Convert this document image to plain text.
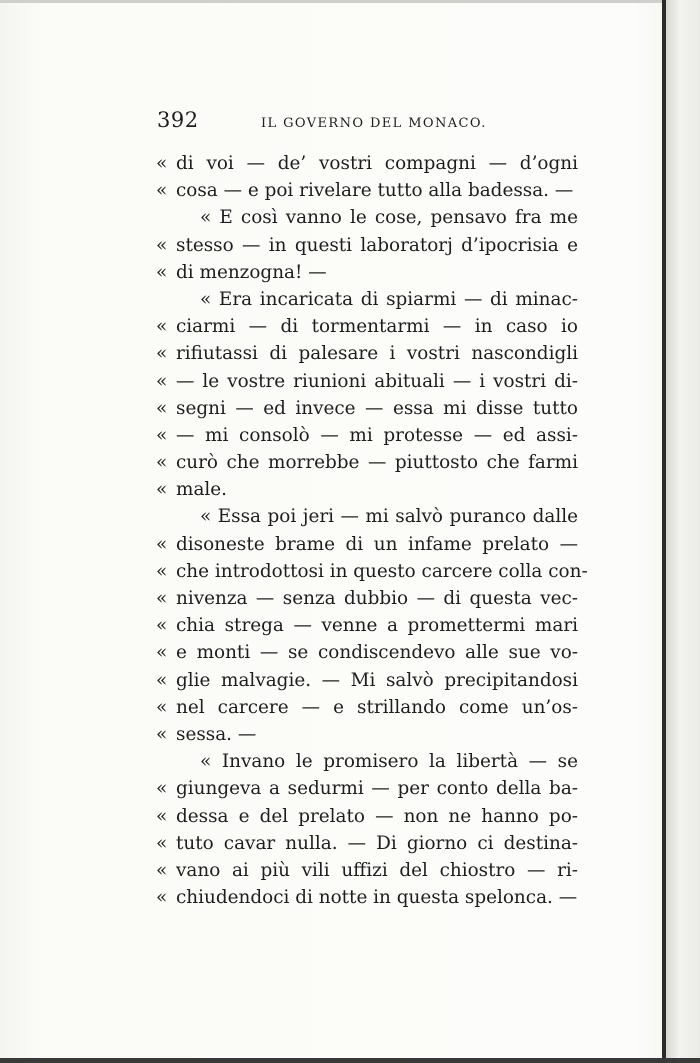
392	IL GOVERNO DEL MONACO.
« di voi — de’ vostri compagni — d’ogni
« cosa — e poi rivelare tutto alla badessa. —
« E così vanno le cose, pensavo fra me
« stesso — in questi laboratorj d’ipocrisia e
« di menzogna! —
« Era incaricata di spiarmi — di minac-
« ciarmi — di tormentarmi — in caso io
« rifiutassi di palesare i vostri nascondigli
« — le vostre riunioni abituali — i vostri di-
« segni — ed invece — essa mi disse tutto
« — mi consolò — mi protesse — ed assi-
« curò che morrebbe — piuttosto che farmi
« male.
« Essa poi jeri — mi salvò puranco dalle
« disoneste brame di un infame prelato —
« che introdottosi in questo carcere colla con-
« nivenza — senza dubbio — di questa vec-
« chia strega — venne a promettermi mari
« e monti — se condiscendevo alle sue vo-
« glie malvagie. — Mi salvò precipitandosi
« nel carcere — e strillando come un’os-
« sessa. —
« Invano le promisero la libertà — se
« giungeva a sedurmi — per conto della ba-
« dessa e del prelato — non ne hanno po-
« tuto cavar nulla. — Di giorno ci destina-
« vano ai più vili uffizi del chiostro — ri-
« chiudendoci di notte in questa spelonca. —
